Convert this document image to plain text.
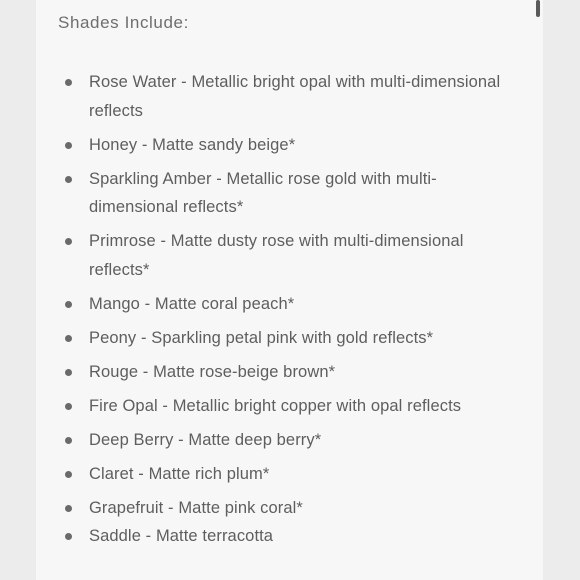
Shades Include:
Rose Water - Metallic bright opal with multi-dimensional reflects
Honey - Matte sandy beige*
Sparkling Amber - Metallic rose gold with multi-dimensional reflects*
Primrose - Matte dusty rose with multi-dimensional reflects*
Mango - Matte coral peach*
Peony - Sparkling petal pink with gold reflects*
Rouge - Matte rose-beige brown*
Fire Opal - Metallic bright copper with opal reflects
Deep Berry - Matte deep berry*
Claret - Matte rich plum*
Grapefruit - Matte pink coral*
Saddle - Matte terracotta
